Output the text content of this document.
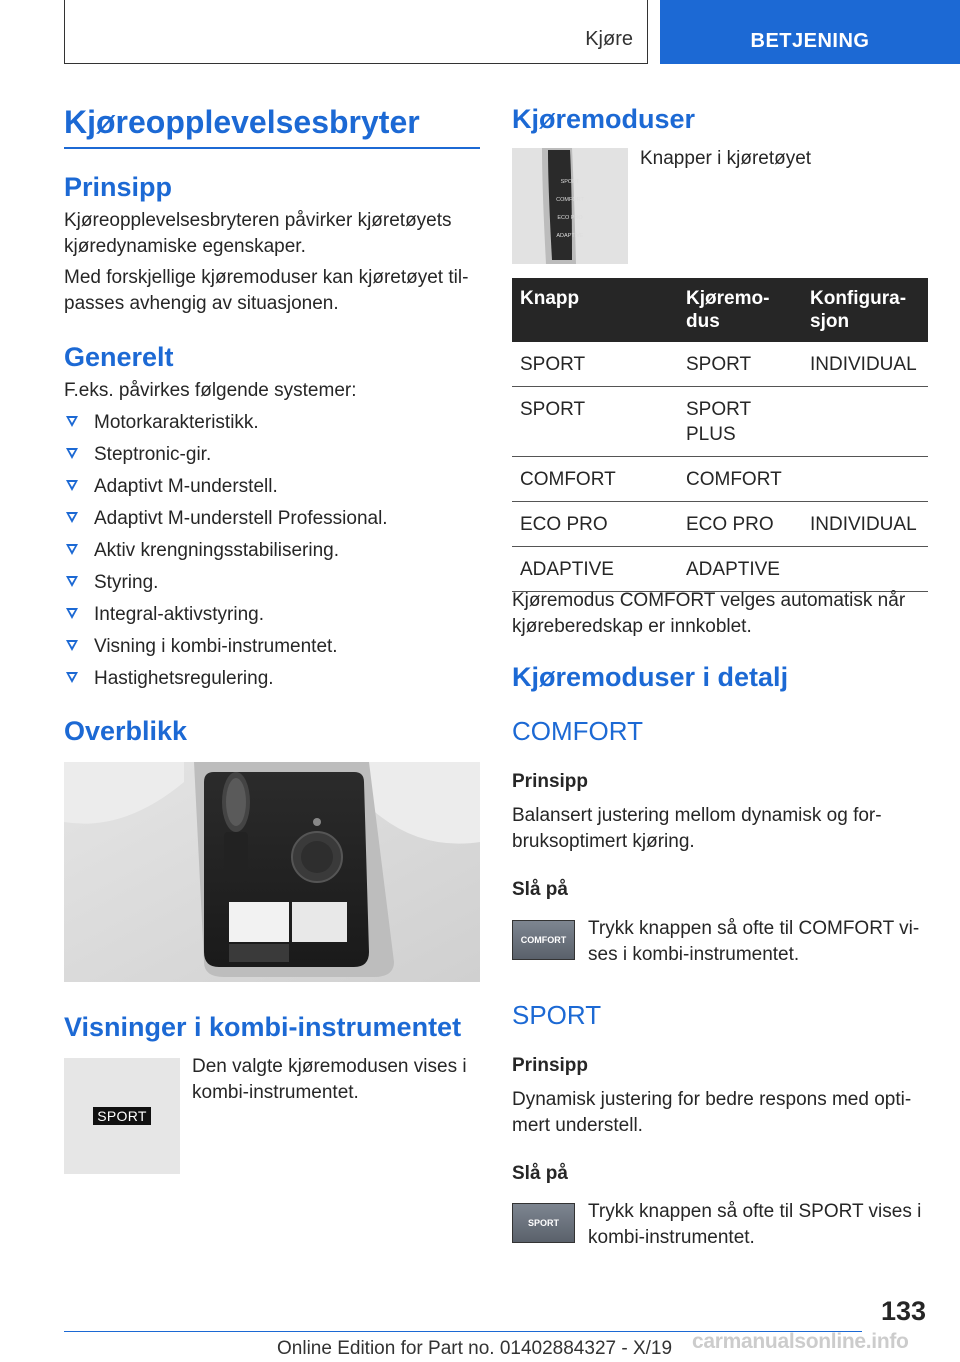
Kjøre	BETJENING
Kjøreopplevelsesbryter
Prinsipp
Kjøreopplevelsesbryteren påvirker kjøretøyets kjøredynamiske egenskaper.
Med forskjellige kjøremoduser kan kjøretøyet til- passes avhengig av situasjonen.
Generelt
F.eks. påvirkes følgende systemer:
Motorkarakteristikk.
Steptronic-gir.
Adaptivt M-understell.
Adaptivt M-understell Professional.
Aktiv krengningsstabilisering.
Styring.
Integral-aktivstyring.
Visning i kombi-instrumentet.
Hastighetsregulering.
Overblikk
Visninger i kombi-instrumentet
SPORT
Den valgte kjøremodusen vises i kombi-instrumentet.
Kjøremoduser
SPORT
COMFORT
ECO PRO
ADAPTIVE
Knapper i kjøretøyet
Knapp	Kjøremo- dus	Konfigura- sjon
SPORT	SPORT	INDIVIDUAL
SPORT	SPORT PLUS	
COMFORT	COMFORT	
ECO PRO	ECO PRO	INDIVIDUAL
ADAPTIVE	ADAPTIVE	
Kjøremodus COMFORT velges automatisk når kjøreberedskap er innkoblet.
Kjøremoduser i detalj
COMFORT
Prinsipp
Balansert justering mellom dynamisk og for- bruksoptimert kjøring.
Slå på
COMFORT
Trykk knappen så ofte til COMFORT vi- ses i kombi-instrumentet.
SPORT
Prinsipp
Dynamisk justering for bedre respons med opti- mert understell.
Slå på
SPORT
Trykk knappen så ofte til SPORT vises i kombi-instrumentet.
133
Online Edition for Part no. 01402884327 - X/19 carmanualsonline.info
